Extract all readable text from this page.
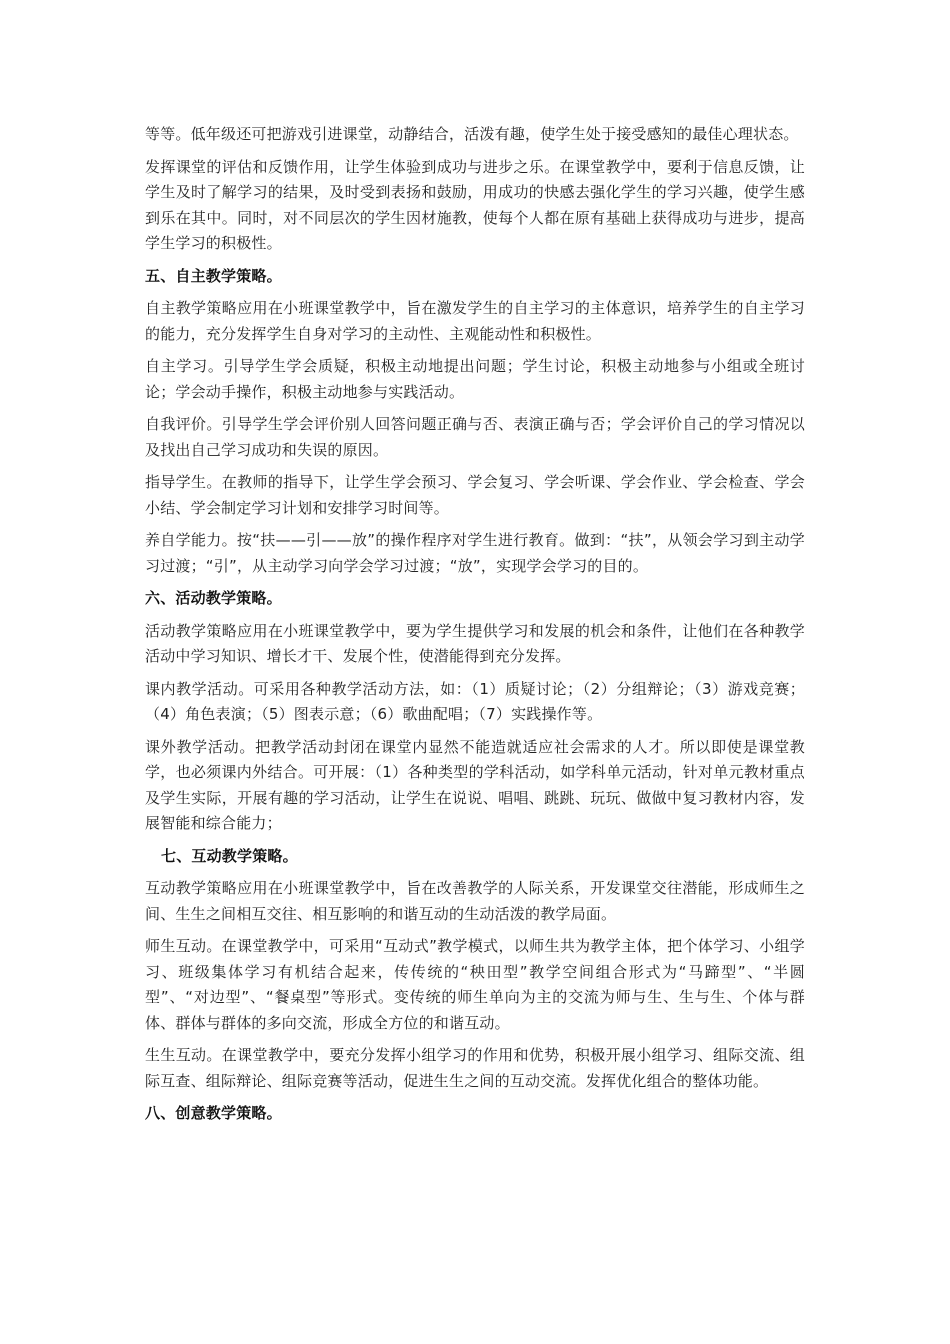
等等。低年级还可把游戏引进课堂，动静结合，活泼有趣，使学生处于接受感知的最佳心理状态。

发挥课堂的评估和反馈作用，让学生体验到成功与进步之乐。在课堂教学中，要利于信息反馈，让学生及时了解学习的结果，及时受到表扬和鼓励，用成功的快感去强化学生的学习兴趣，使学生感到乐在其中。同时，对不同层次的学生因材施教，使每个人都在原有基础上获得成功与进步，提高学生学习的积极性。

五、自主教学策略。

自主教学策略应用在小班课堂教学中，旨在激发学生的自主学习的主体意识，培养学生的自主学习的能力，充分发挥学生自身对学习的主动性、主观能动性和积极性。

自主学习。引导学生学会质疑，积极主动地提出问题；学生讨论，积极主动地参与小组或全班讨论；学会动手操作，积极主动地参与实践活动。

自我评价。引导学生学会评价别人回答问题正确与否、表演正确与否；学会评价自己的学习情况以及找出自己学习成功和失误的原因。

指导学生。在教师的指导下，让学生学会预习、学会复习、学会听课、学会作业、学会检查、学会小结、学会制定学习计划和安排学习时间等。

养自学能力。按“扶——引——放”的操作程序对学生进行教育。做到：“扶”，从领会学习到主动学习过渡；“引”，从主动学习向学会学习过渡；“放”，实现学会学习的目的。

六、活动教学策略。

活动教学策略应用在小班课堂教学中，要为学生提供学习和发展的机会和条件，让他们在各种教学活动中学习知识、增长才干、发展个性，使潜能得到充分发挥。

课内教学活动。可采用各种教学活动方法，如：（1）质疑讨论；（2）分组辩论；（3）游戏竞赛；（4）角色表演；（5）图表示意；（6）歌曲配唱；（7）实践操作等。

课外教学活动。把教学活动封闭在课堂内显然不能造就适应社会需求的人才。所以即使是课堂教学，也必须课内外结合。可开展：（1）各种类型的学科活动，如学科单元活动，针对单元教材重点及学生实际，开展有趣的学习活动，让学生在说说、唱唱、跳跳、玩玩、做做中复习教材内容，发展智能和综合能力；

七、互动教学策略。

互动教学策略应用在小班课堂教学中，旨在改善教学的人际关系，开发课堂交往潜能，形成师生之间、生生之间相互交往、相互影响的和谐互动的生动活泼的教学局面。

师生互动。在课堂教学中，可采用“互动式”教学模式，以师生共为教学主体，把个体学习、小组学习、班级集体学习有机结合起来，传传统的“秧田型”教学空间组合形式为“马蹄型”、“半圆型”、“对边型”、“餐桌型”等形式。变传统的师生单向为主的交流为师与生、生与生、个体与群体、群体与群体的多向交流，形成全方位的和谐互动。

生生互动。在课堂教学中，要充分发挥小组学习的作用和优势，积极开展小组学习、组际交流、组际互查、组际辩论、组际竞赛等活动，促进生生之间的互动交流。发挥优化组合的整体功能。

八、创意教学策略。
